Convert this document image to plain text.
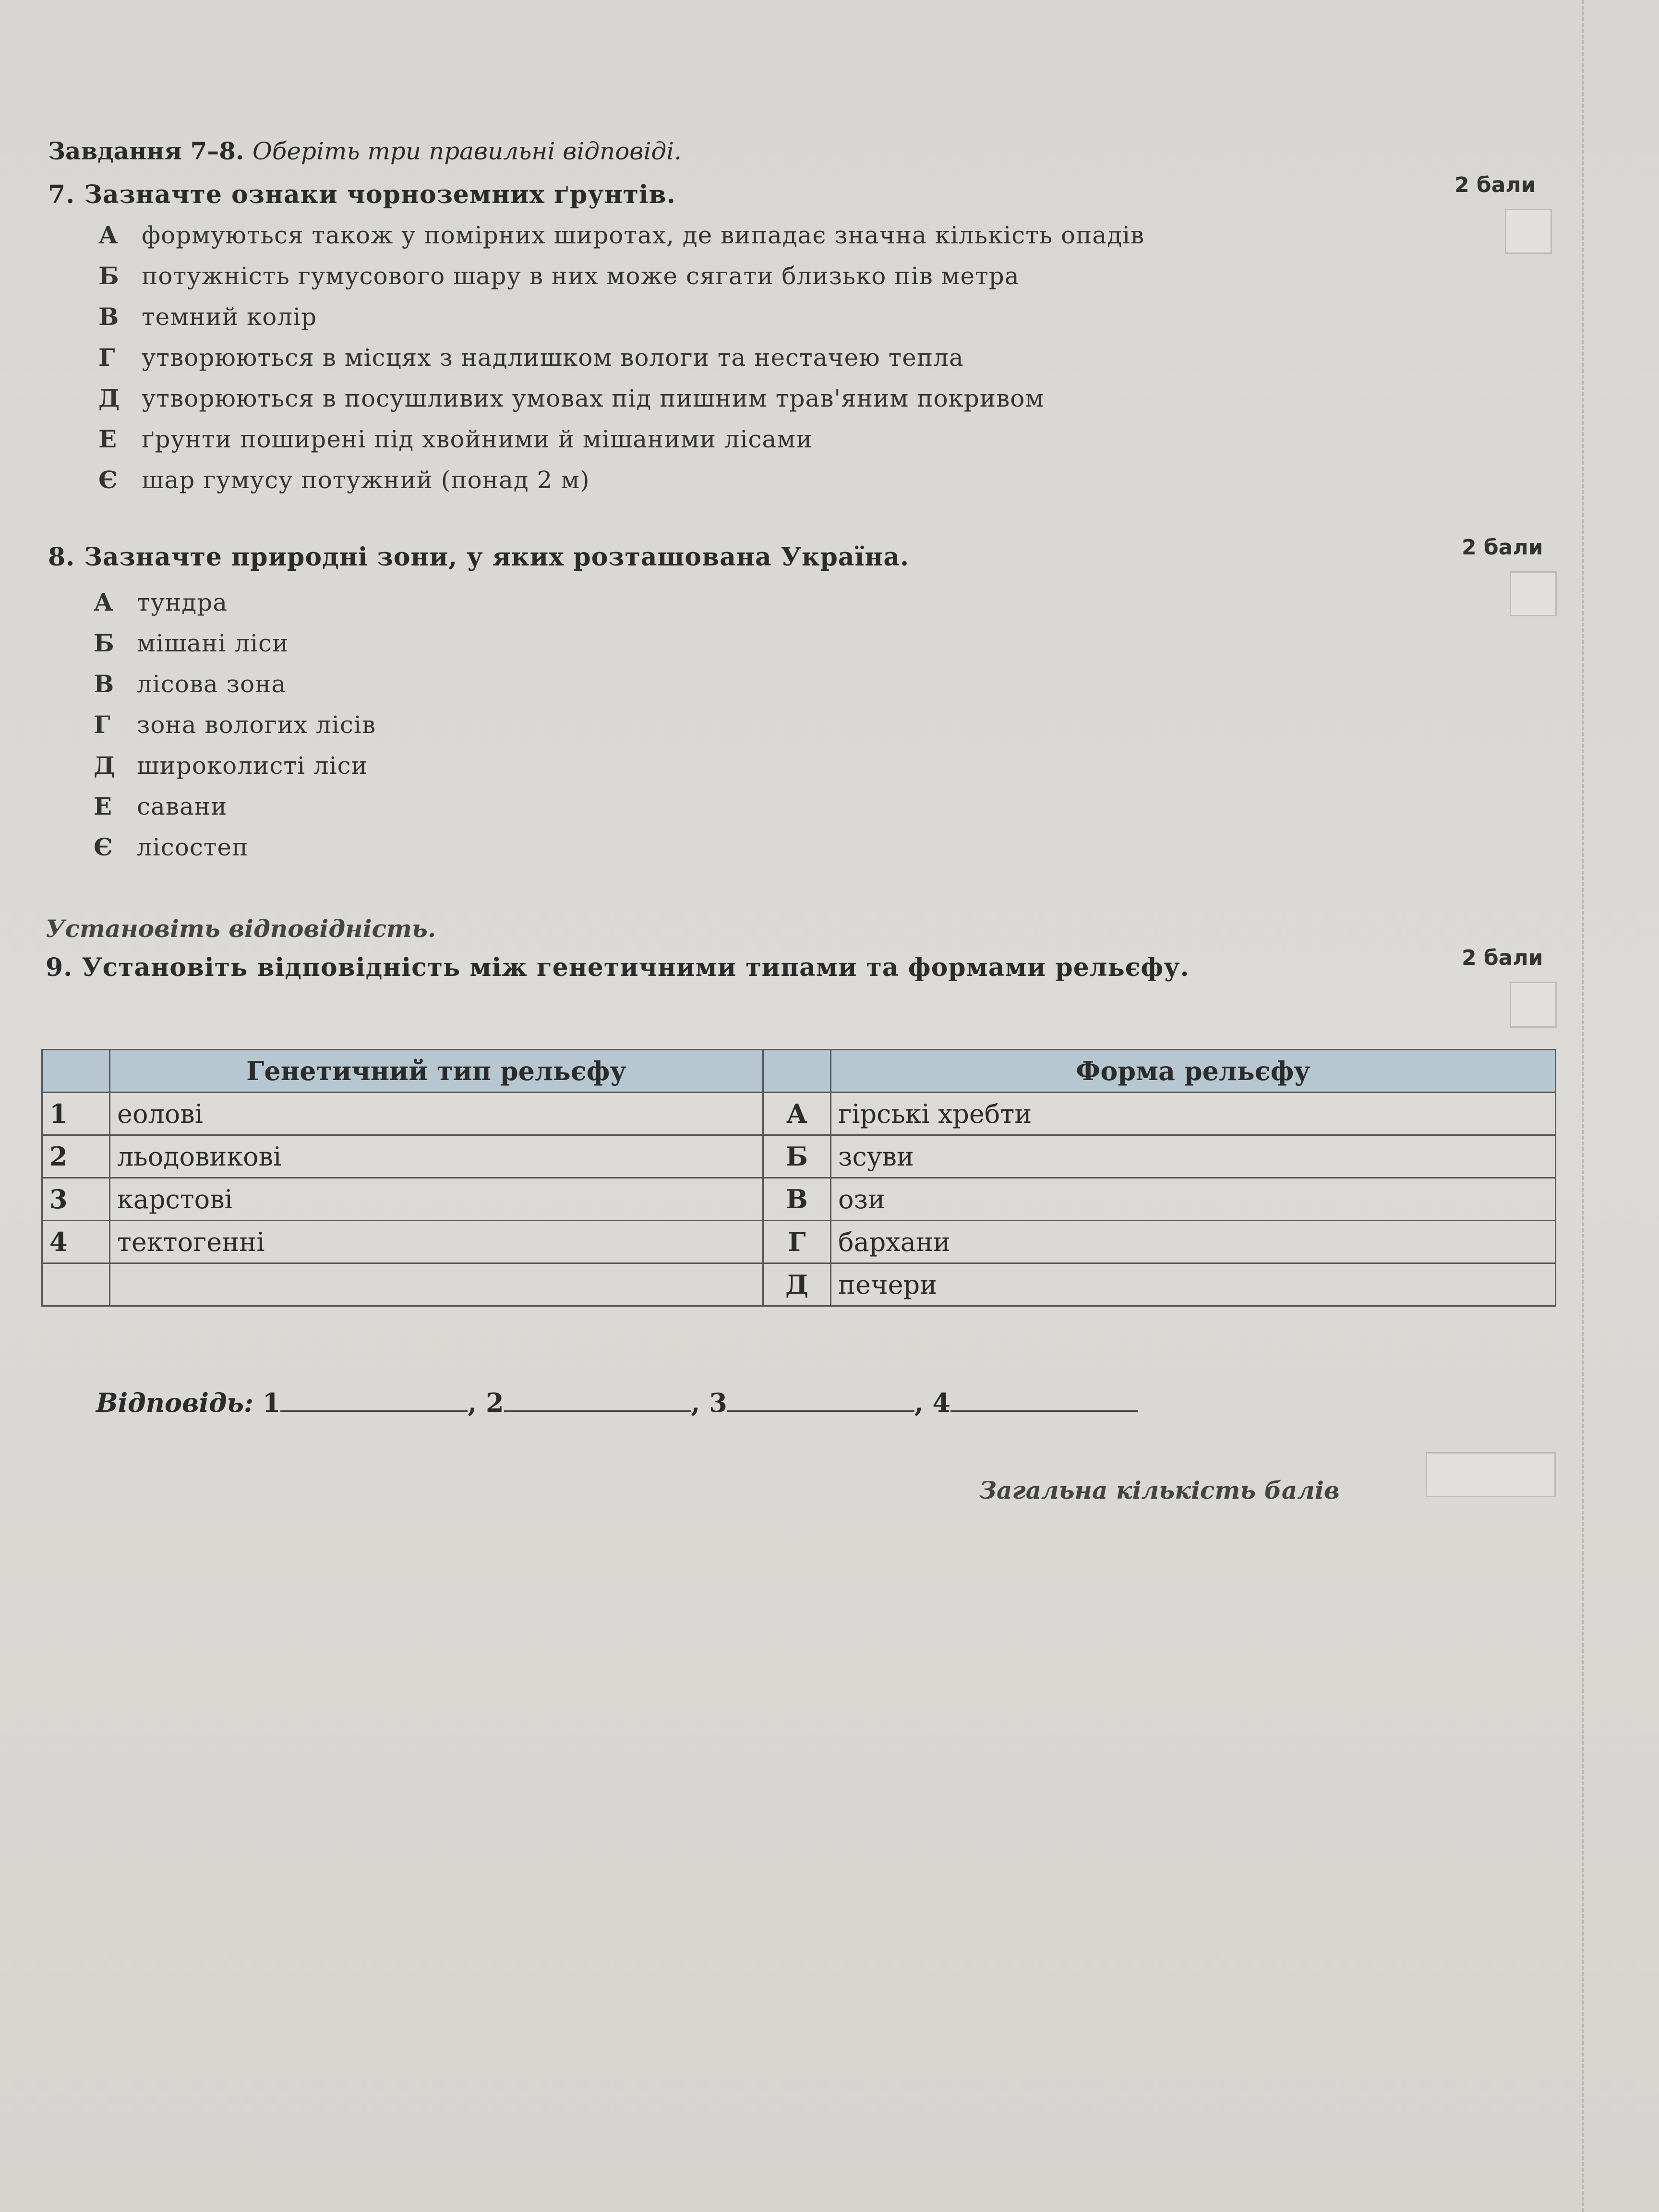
Завдання 7–8. Оберіть три правильні відповіді.
7. Зазначте ознаки чорноземних ґрунтів.	2 бали
А формуються також у помірних широтах, де випадає значна кількість опадів
Б потужність гумусового шару в них може сягати близько пів метра
В темний колір
Г утворюються в місцях з надлишком вологи та нестачею тепла
Д утворюються в посушливих умовах під пишним трав'яним покривом
Е ґрунти поширені під хвойними й мішаними лісами
Є шар гумусу потужний (понад 2 м)
8. Зазначте природні зони, у яких розташована Україна.	2 бали
А тундра
Б мішані ліси
В лісова зона
Г зона вологих лісів
Д широколисті ліси
Е савани
Є лісостеп
Установіть відповідність.
9. Установіть відповідність між генетичними типами та формами рельєфу.	2 бали
	Генетичний тип рельєфу		Форма рельєфу
1	еолові	А	гірські хребти
2	льодовикові	Б	зсуви
3	карстові	В	ози
4	тектогенні	Г	бархани
		Д	печери
Відповідь: 1	, 2	, 3	, 4
Загальна кількість балів
